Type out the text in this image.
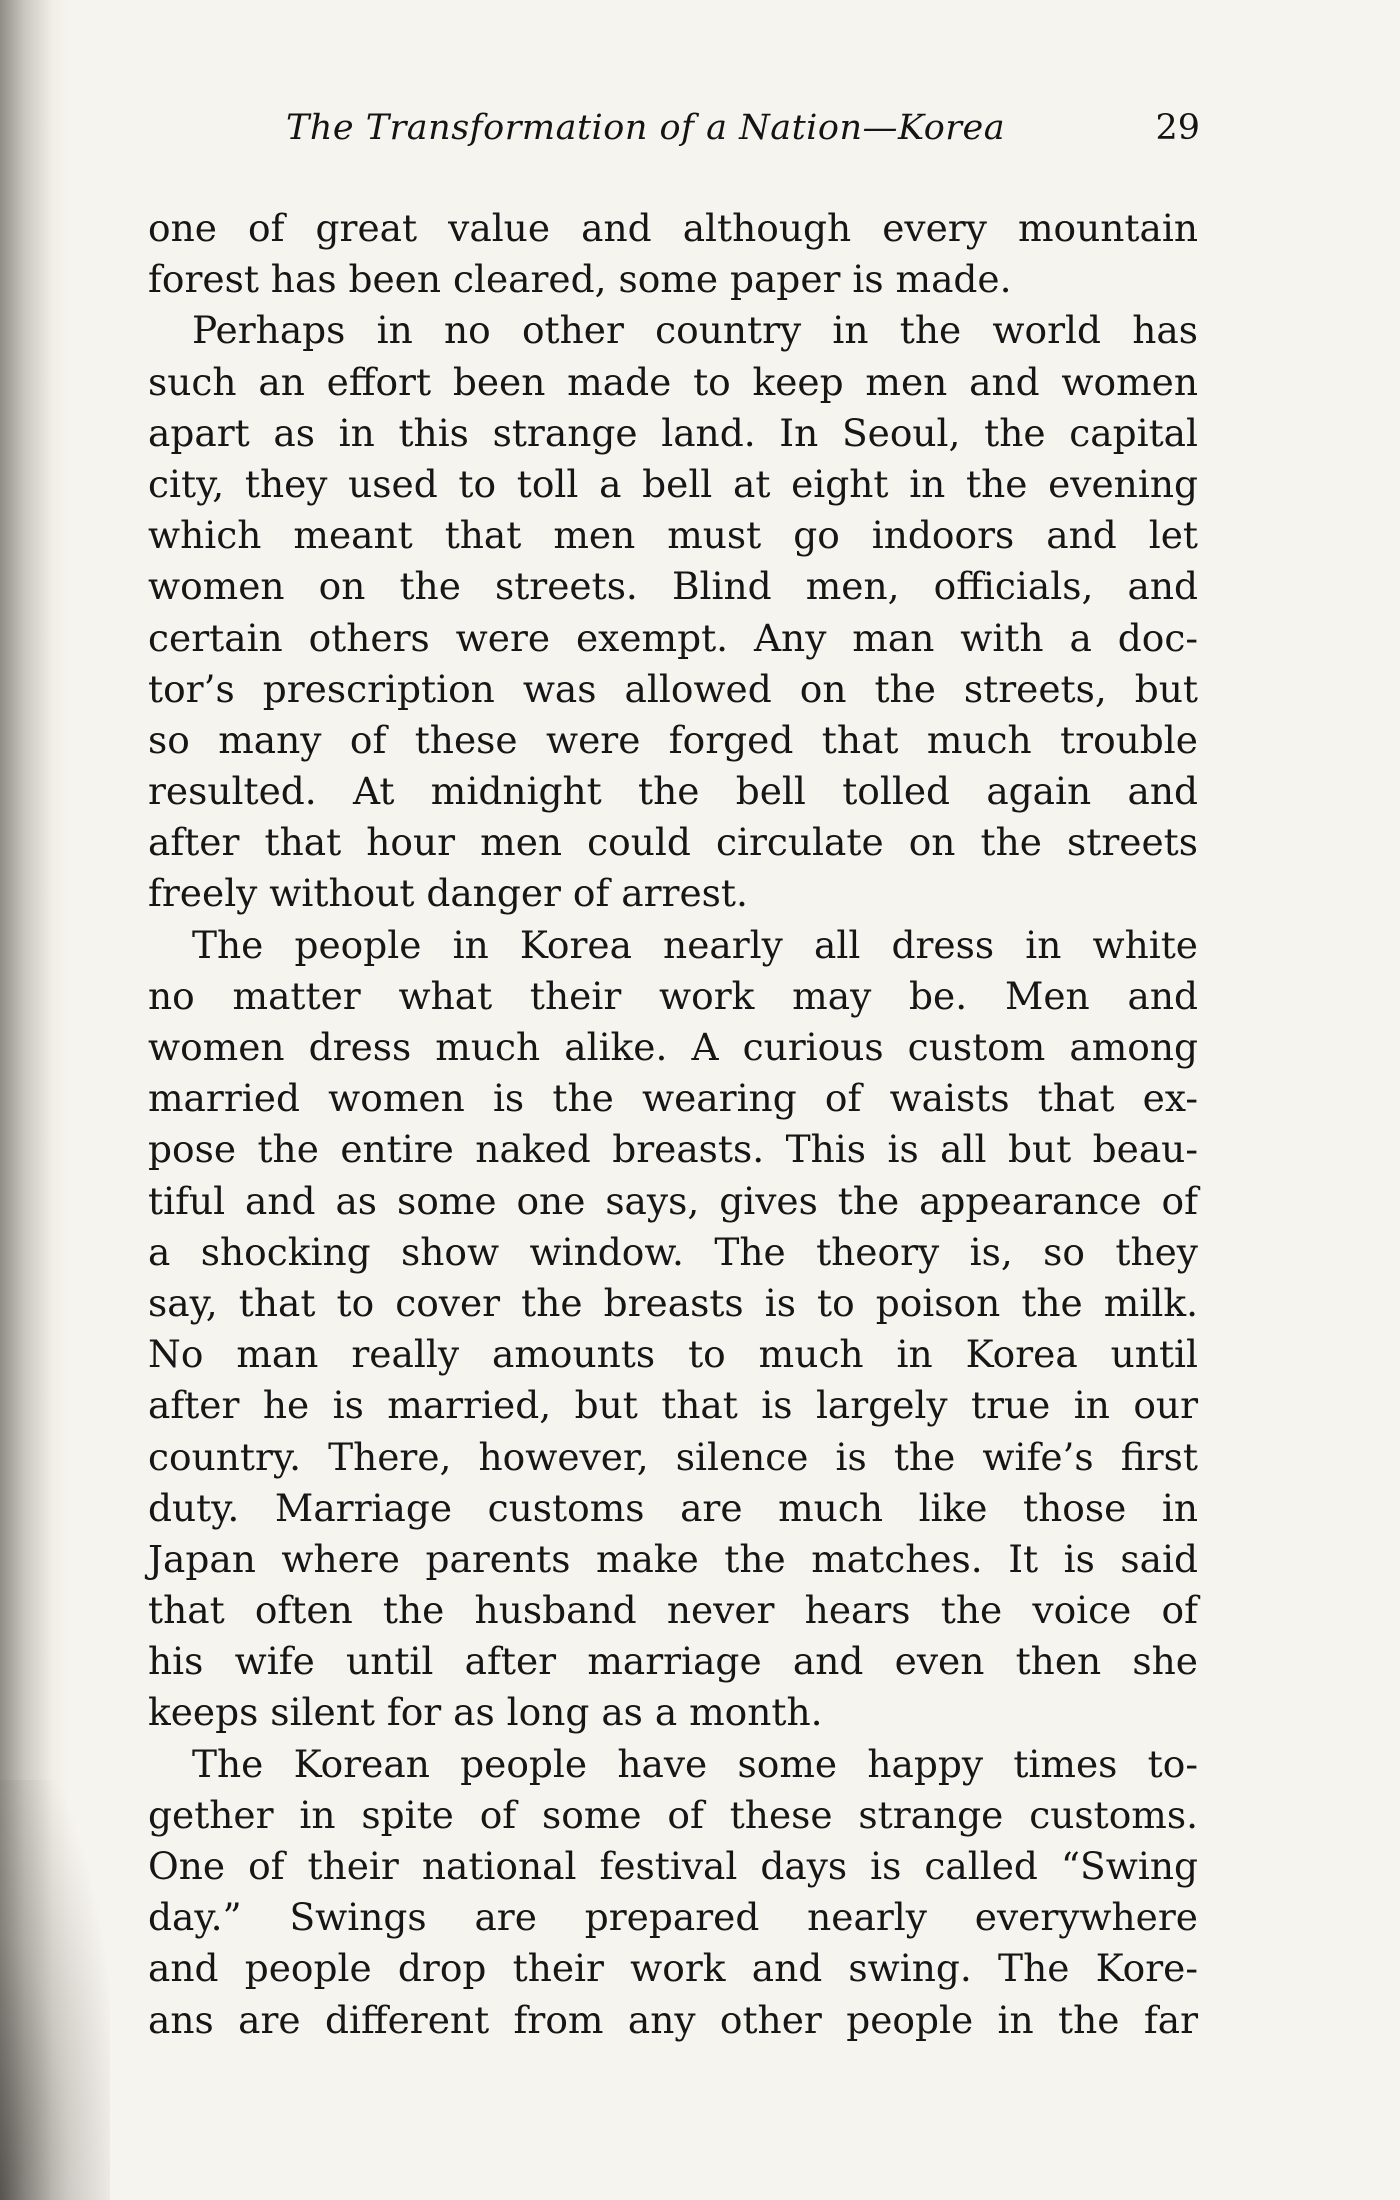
The Transformation of a Nation—Korea	29
one of great value and although every mountain
forest has been cleared, some paper is made.
Perhaps in no other country in the world has
such an effort been made to keep men and women
apart as in this strange land. In Seoul, the capital
city, they used to toll a bell at eight in the evening
which meant that men must go indoors and let
women on the streets. Blind men, officials, and
certain others were exempt. Any man with a doc-
tor’s prescription was allowed on the streets, but
so many of these were forged that much trouble
resulted. At midnight the bell tolled again and
after that hour men could circulate on the streets
freely without danger of arrest.
The people in Korea nearly all dress in white
no matter what their work may be. Men and
women dress much alike. A curious custom among
married women is the wearing of waists that ex-
pose the entire naked breasts. This is all but beau-
tiful and as some one says, gives the appearance of
a shocking show window. The theory is, so they
say, that to cover the breasts is to poison the milk.
No man really amounts to much in Korea until
after he is married, but that is largely true in our
country. There, however, silence is the wife’s first
duty. Marriage customs are much like those in
Japan where parents make the matches. It is said
that often the husband never hears the voice of
his wife until after marriage and even then she
keeps silent for as long as a month.
The Korean people have some happy times to-
gether in spite of some of these strange customs.
One of their national festival days is called “Swing
day.” Swings are prepared nearly everywhere
and people drop their work and swing. The Kore-
ans are different from any other people in the far
